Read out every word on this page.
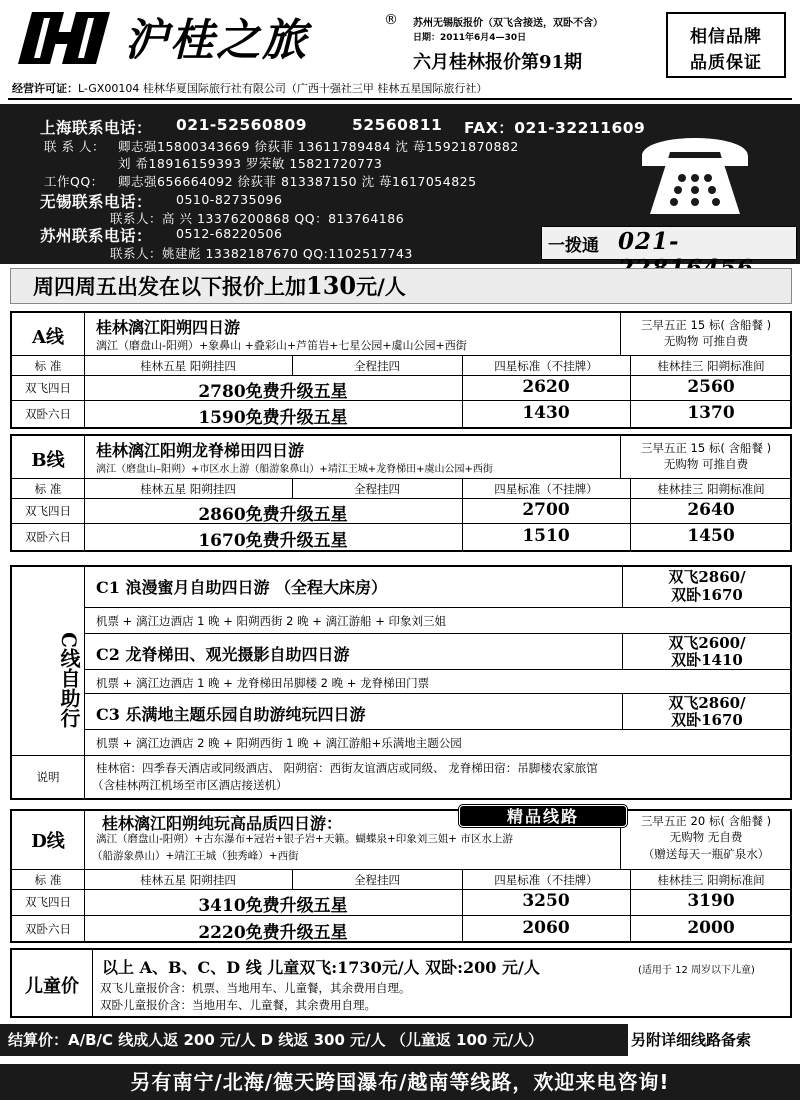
沪桂之旅	® 苏州无锡版报价（双飞含接送，双卧不含）
日期：2011年6月4—30日
六月桂林报价第91期
相信品牌
品质保证
经营许可证：L-GX00104 桂林华夏国际旅行社有限公司（广西十强社三甲 桂林五星国际旅行社）
上海联系电话： 021-52560809	52560811 FAX：021-32211609
联 系 人： 卿志强15800343669 徐荻菲 13611789484 沈 苺15921870882
刘 希18916159393 罗荣敏 15821720773
工作QQ： 卿志强656664092 徐荻菲 813387150 沈 苺1617054825
无锡联系电话： 0510-82735096
联系人：高 兴 13376200868 QQ：813764186
苏州联系电话： 0512-68220506
联系人：姚建彪 13382187670 QQ:1102517743	一拨通 021-
周四周五出发在以下报价上加130元/人
A线	桂林漓江阳朔四日游
漓江（磨盘山-阳朔）+象鼻山 +叠彩山+芦笛岩+七星公园+虞山公园+西街
三早五正 15 标( 含船餐 )
无购物 可推自费
标 准	桂林五星 阳朔挂四	全程挂四	四星标准（不挂牌）	桂林挂三 阳朔标准间
双飞四日	2780免费升级五星	2620	2560
双卧六日	1590免费升级五星	1430	1370
B线	桂林漓江阳朔龙脊梯田四日游
漓江（磨盘山–阳朔）+市区水上游（船游象鼻山）+靖江王城+龙脊梯田+虞山公园+西街
三早五正 15 标( 含船餐 )
无购物 可推自费
标 准	桂林五星 阳朔挂四	全程挂四	四星标准（不挂牌）	桂林挂三 阳朔标准间
双飞四日	2860免费升级五星	2700	2640
双卧六日	1670免费升级五星	1510	1450
C线自助行
C1 浪漫蜜月自助四日游 （全程大床房）
双飞2860/
双卧1670
机票 + 漓江边酒店 1 晚 + 阳朔西街 2 晚 + 漓江游船 + 印象刘三姐
C2 龙脊梯田、观光摄影自助四日游
双飞2600/
双卧1410
机票 + 漓江边酒店 1 晚 + 龙脊梯田吊脚楼 2 晚 + 龙脊梯田门票
C3 乐满地主题乐园自助游纯玩四日游
双飞2860/
双卧1670
机票 + 漓江边酒店 2 晚 + 阳朔西街 1 晚 + 漓江游船+乐满地主题公园
说明
桂林宿：四季春天酒店或同级酒店、 阳朔宿：西街友谊酒店或同级、 龙脊梯田宿：吊脚楼农家旅馆
（含桂林两江机场至市区酒店接送机）
D线
桂林漓江阳朔纯玩高品质四日游：
漓江（磨盘山-阳朔）+古东瀑布+冠岩+银子岩+天籁。蝴蝶泉+印象刘三姐+ 市区水上游
（船游象鼻山）+靖江王城（独秀峰）+西街
三早五正 20 标( 含船餐 )
无购物 无自费
（赠送每天一瓶矿泉水）
标 准	桂林五星 阳朔挂四	全程挂四	四星标准（不挂牌）	桂林挂三 阳朔标准间
双飞四日	3410免费升级五星	3250	3190
双卧六日	2220免费升级五星	2060	2000
精品线路
儿童价
以上 A、B、C、D 线 儿童双飞:1730元/人 双卧:200 元/人	(适用于 12 周岁以下儿童)
双飞儿童报价含：机票、当地用车、儿童餐，其余费用自理。
双卧儿童报价含：当地用车、儿童餐，其余费用自理。
结算价：A/B/C 线成人返 200 元/人 D 线返 300 元/人 （儿童返 100 元/人）	另附详细线路备索
另有南宁/北海/德天跨国瀑布/越南等线路，欢迎来电咨询!
